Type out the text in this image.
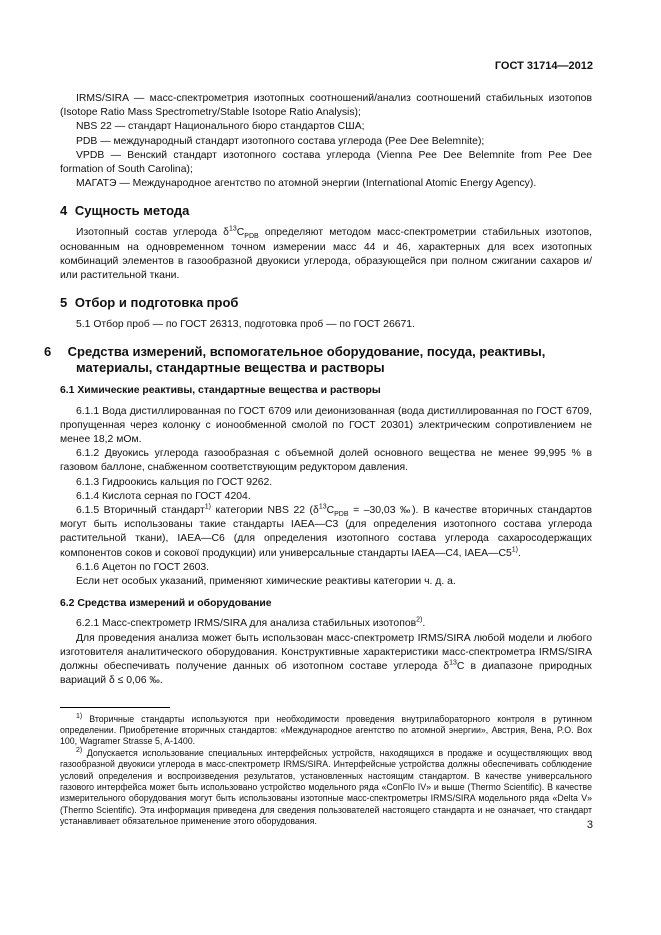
ГОСТ 31714—2012

IRMS/SIRA — масс-спектрометрия изотопных соотношений/анализ соотношений стабильных изотопов (Isotope Ratio Mass Spectrometry/Stable Isotope Ratio Analysis);

NBS 22 — стандарт Национального бюро стандартов США;

PDB — международный стандарт изотопного состава углерода (Pee Dee Belemnite);

VPDB — Венский стандарт изотопного состава углерода (Vienna Pee Dee Belemnite from Pee Dee formation of South Carolina);

МАГАТЭ — Международное агентство по атомной энергии (International Atomic Energy Agency).

4 Сущность метода

Изотопный состав углерода $\delta^{13}C_{PDB}$ определяют методом масс-спектрометрии стабильных изотопов, основанным на одновременном точном измерении масс 44 и 46, характерных для всех изотопных комбинаций элементов в газообразной двуокиси углерода, образующейся при полном сжигании сахаров и/или растительной ткани.

5 Отбор и подготовка проб

5.1 Отбор проб — по ГОСТ 26313, подготовка проб — по ГОСТ 26671.

6 Средства измерений, вспомогательное оборудование, посуда, реактивы, материалы, стандартные вещества и растворы
6.1 Химические реактивы, стандартные вещества и растворы

6.1.1 Вода дистиллированная по ГОСТ 6709 или деионизованная (вода дистиллированная по ГОСТ 6709, пропущенная через колонку с ионообменной смолой по ГОСТ 20301) электрическим сопротивлением не менее 18,2 мОм.

6.1.2 Двуокись углерода газообразная с объемной долей основного вещества не менее 99,995 % в газовом баллоне, снабженном соответствующим редуктором давления.

6.1.3 Гидроокись кальция по ГОСТ 9262.

6.1.4 Кислота серная по ГОСТ 4204.

6.1.5 Вторичный стандарт$^{1)}$ категории NBS 22 ($\delta^{13}C_{PDB} = -30,03$ ‰). В качестве вторичных стандартов могут быть использованы такие стандарты IAEA—C3 (для определения изотопного состава углерода растительной ткани), IAEA—C6 (для определения изотопного состава углерода сахаросодержащих компонентов соков и сокової продукции) или универсальные стандарты IAEA—C4, IAEA—C5$^{1)}$.

6.1.6 Ацетон по ГОСТ 2603.

Если нет особых указаний, применяют химические реактивы категории ч. д. а.

6.2 Средства измерений и оборудование

6.2.1 Масс-спектрометр IRMS/SIRA для анализа стабильных изотопов$^{2)}$.

Для проведения анализа может быть использован масс-спектрометр IRMS/SIRA любой модели и любого изготовителя аналитического оборудования. Конструктивные характеристики масс-спектрометра IRMS/SIRA должны обеспечивать получение данных об изотопном составе углерода $\delta^{13}C$ в диапазоне природных вариаций δ ≤ 0,06 ‰.

$^{1)}$ Вторичные стандарты используются при необходимости проведения внутрилабораторного контроля в рутинном определении. Приобретение вторичных стандартов: «Международное агентство по атомной энергии», Австрия, Вена, P.O. Box 100, Wagramer Strasse 5, A-1400.

$^{2)}$ Допускается использование специальных интерфейсных устройств, находящихся в продаже и осуществляющих ввод газообразной двуокиси углерода в масс-спектрометр IRMS/SIRA. Интерфейсные устройства должны обеспечивать соблюдение условий определения и воспроизведения результатов, установленных настоящим стандартом. В качестве универсального газового интерфейса может быть использовано устройство модельного ряда «ConFlo IV» и выше (Thermo Scientific). В качестве измерительного оборудования могут быть использованы изотопные масс-спектрометры IRMS/SIRA модельного ряда «Delta V» (Thermo Scientific). Эта информация приведена для сведения пользователей настоящего стандарта и не означает, что стандарт устанавливает обязательное применение этого оборудования.	3
